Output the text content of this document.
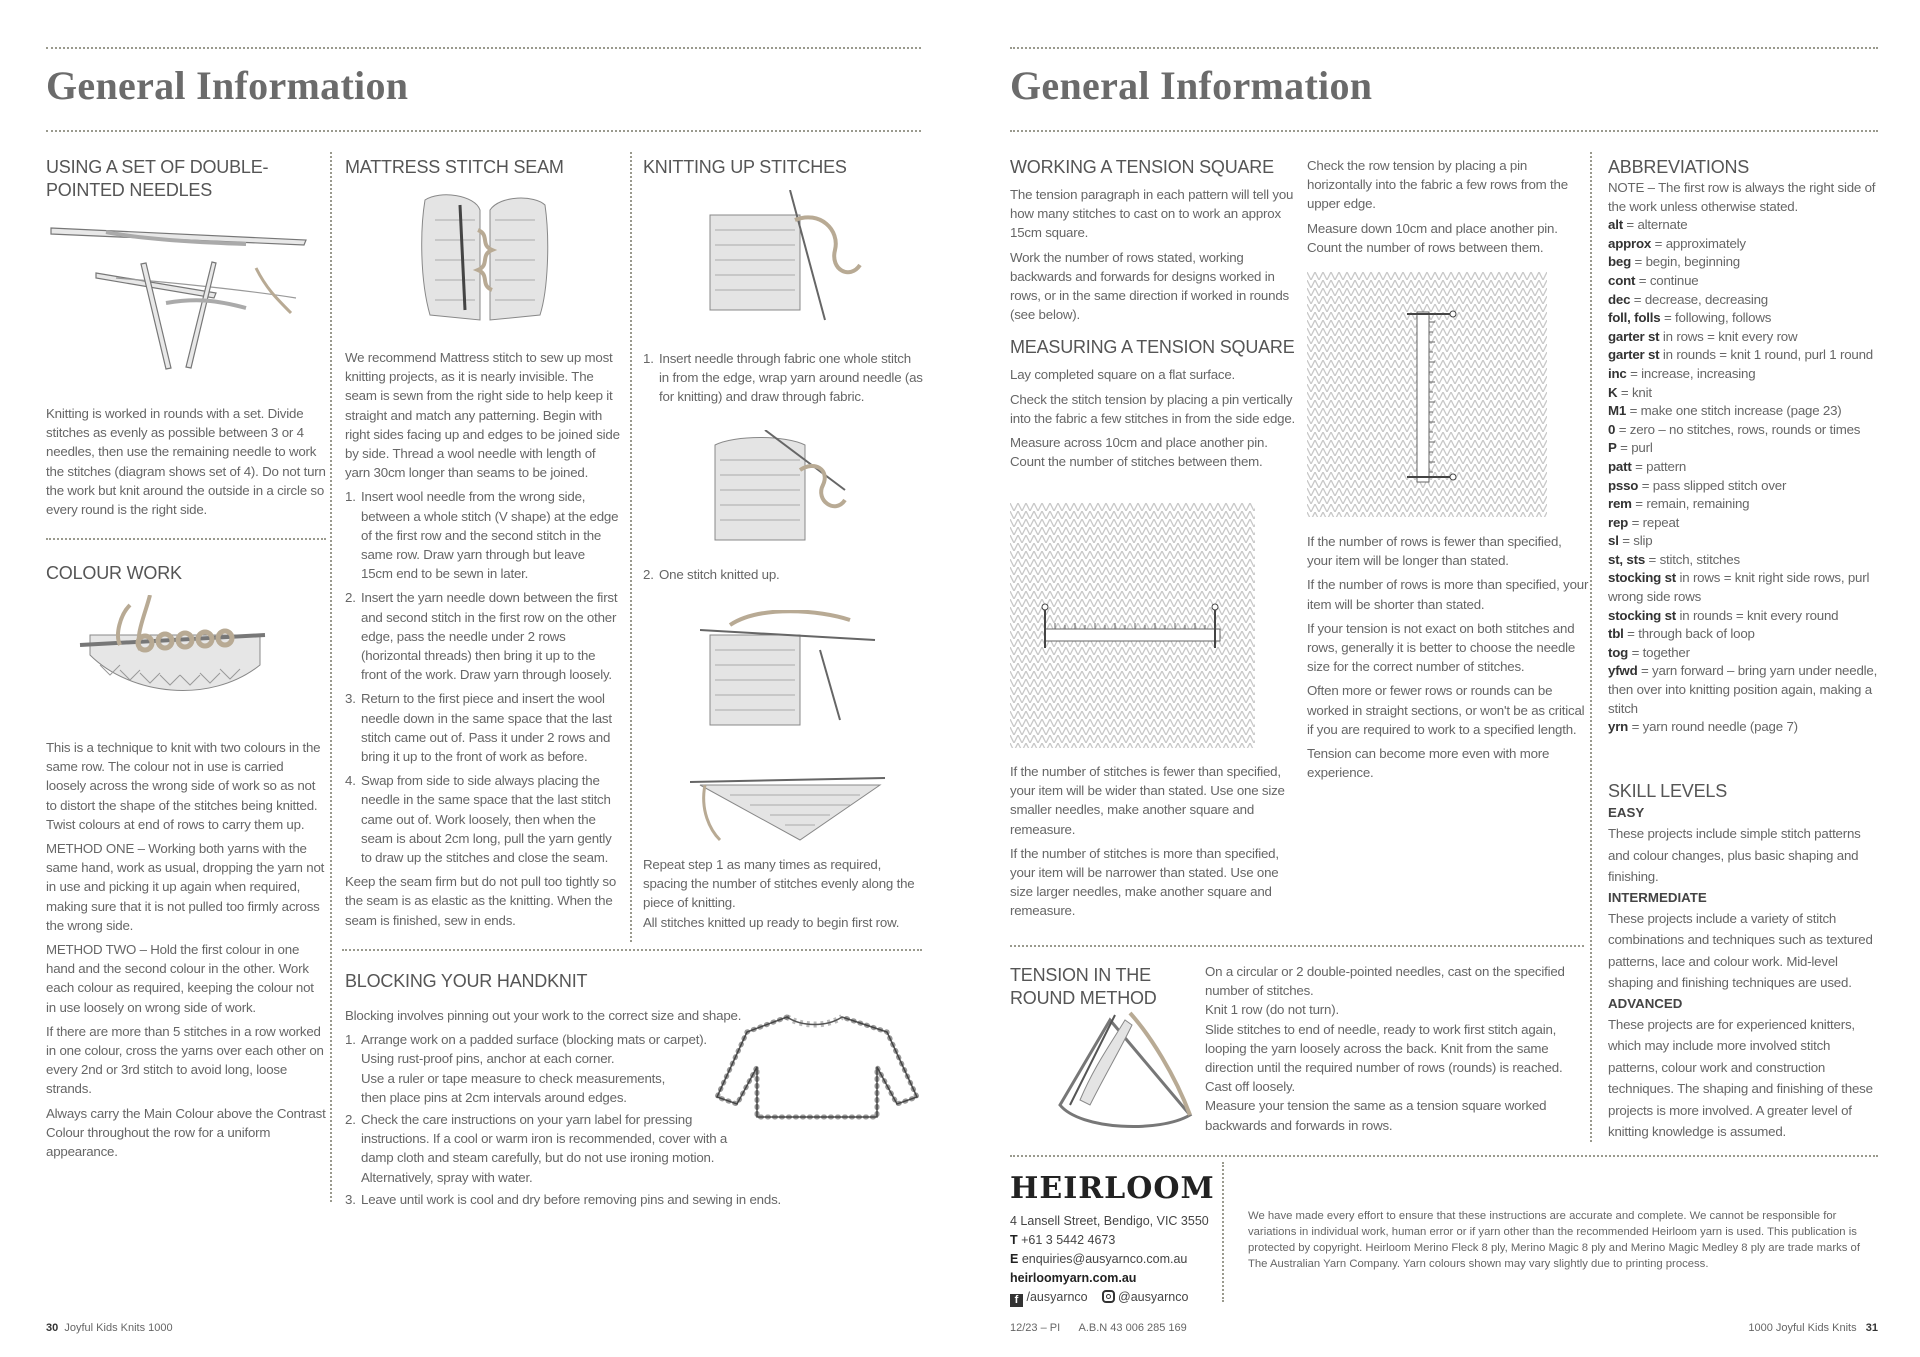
General Information
USING A SET OF DOUBLE-POINTED NEEDLES
Knitting is worked in rounds with a set. Divide stitches as evenly as possible between 3 or 4 needles, then use the remaining needle to work the stitches (diagram shows set of 4). Do not turn the work but knit around the outside in a circle so every round is the right side.
COLOUR WORK
This is a technique to knit with two colours in the same row. The colour not in use is carried loosely across the wrong side of work so as not to distort the shape of the stitches being knitted. Twist colours at end of rows to carry them up.
METHOD ONE – Working both yarns with the same hand, work as usual, dropping the yarn not in use and picking it up again when required, making sure that it is not pulled too firmly across the wrong side.
METHOD TWO – Hold the first colour in one hand and the second colour in the other. Work each colour as required, keeping the colour not in use loosely on wrong side of work.
If there are more than 5 stitches in a row worked in one colour, cross the yarns over each other on every 2nd or 3rd stitch to avoid long, loose strands.
Always carry the Main Colour above the Contrast Colour throughout the row for a uniform appearance.
MATTRESS STITCH SEAM
We recommend Mattress stitch to sew up most knitting projects, as it is nearly invisible. The seam is sewn from the right side to help keep it straight and match any patterning. Begin with right sides facing up and edges to be joined side by side. Thread a wool needle with length of yarn 30cm longer than seams to be joined.
1. Insert wool needle from the wrong side, between a whole stitch (V shape) at the edge of the first row and the second stitch in the same row. Draw yarn through but leave 15cm end to be sewn in later.
2. Insert the yarn needle down between the first and second stitch in the first row on the other edge, pass the needle under 2 rows (horizontal threads) then bring it up to the front of the work. Draw yarn through loosely.
3. Return to the first piece and insert the wool needle down in the same space that the last stitch came out of. Pass it under 2 rows and bring it up to the front of work as before.
4. Swap from side to side always placing the needle in the same space that the last stitch came out of. Work loosely, then when the seam is about 2cm long, pull the yarn gently to draw up the stitches and close the seam.
Keep the seam firm but do not pull too tightly so the seam is as elastic as the knitting. When the seam is finished, sew in ends.
KNITTING UP STITCHES
1. Insert needle through fabric one whole stitch in from the edge, wrap yarn around needle (as for knitting) and draw through fabric.
2. One stitch knitted up.
Repeat step 1 as many times as required, spacing the number of stitches evenly along the piece of knitting.
All stitches knitted up ready to begin first row.
BLOCKING YOUR HANDKNIT
Blocking involves pinning out your work to the correct size and shape.
1. Arrange work on a padded surface (blocking mats or carpet).
Using rust-proof pins, anchor at each corner.
Use a ruler or tape measure to check measurements,
then place pins at 2cm intervals around edges.
2. Check the care instructions on your yarn label for pressing instructions. If a cool or warm iron is recommended, cover with a damp cloth and steam carefully, but do not use ironing motion. Alternatively, spray with water.
3. Leave until work is cool and dry before removing pins and sewing in ends.
30 Joyful Kids Knits 1000
General Information
WORKING A TENSION SQUARE
The tension paragraph in each pattern will tell you how many stitches to cast on to work an approx 15cm square.
Work the number of rows stated, working backwards and forwards for designs worked in rows, or in the same direction if worked in rounds (see below).
MEASURING A TENSION SQUARE
Lay completed square on a flat surface.
Check the stitch tension by placing a pin vertically into the fabric a few stitches in from the side edge.
Measure across 10cm and place another pin. Count the number of stitches between them.
If the number of stitches is fewer than specified, your item will be wider than stated. Use one size smaller needles, make another square and remeasure.
If the number of stitches is more than specified, your item will be narrower than stated. Use one size larger needles, make another square and remeasure.
Check the row tension by placing a pin horizontally into the fabric a few rows from the upper edge.
Measure down 10cm and place another pin. Count the number of rows between them.
If the number of rows is fewer than specified, your item will be longer than stated.
If the number of rows is more than specified, your item will be shorter than stated.
If your tension is not exact on both stitches and rows, generally it is better to choose the needle size for the correct number of stitches.
Often more or fewer rows or rounds can be worked in straight sections, or won't be as critical if you are required to work to a specified length.
Tension can become more even with more experience.
TENSION IN THE ROUND METHOD
On a circular or 2 double-pointed needles, cast on the specified number of stitches.
Knit 1 row (do not turn).
Slide stitches to end of needle, ready to work first stitch again, looping the yarn loosely across the back. Knit from the same direction until the required number of rows (rounds) is reached.
Cast off loosely.
Measure your tension the same as a tension square worked backwards and forwards in rows.
ABBREVIATIONS
NOTE – The first row is always the right side of the work unless otherwise stated.
alt = alternate
approx = approximately
beg = begin, beginning
cont = continue
dec = decrease, decreasing
foll, folls = following, follows
garter st in rows = knit every row
garter st in rounds = knit 1 round, purl 1 round
inc = increase, increasing
K = knit
M1 = make one stitch increase (page 23)
0 = zero – no stitches, rows, rounds or times
P = purl
patt = pattern
psso = pass slipped stitch over
rem = remain, remaining
rep = repeat
sl = slip
st, sts = stitch, stitches
stocking st in rows = knit right side rows, purl wrong side rows
stocking st in rounds = knit every round
tbl = through back of loop
tog = together
yfwd = yarn forward – bring yarn under needle, then over into knitting position again, making a stitch
yrn = yarn round needle (page 7)
SKILL LEVELS
EASY
These projects include simple stitch patterns and colour changes, plus basic shaping and finishing.
INTERMEDIATE
These projects include a variety of stitch combinations and techniques such as textured patterns, lace and colour work. Mid-level shaping and finishing techniques are used.
ADVANCED
These projects are for experienced knitters, which may include more involved stitch patterns, colour work and construction techniques. The shaping and finishing of these projects is more involved. A greater level of knitting knowledge is assumed.
HEIRLOOM
4 Lansell Street, Bendigo, VIC 3550
T +61 3 5442 4673
E enquiries@ausyarnco.com.au
heirloomyarn.com.au
f /ausyarnco @ausyarnco
We have made every effort to ensure that these instructions are accurate and complete. We cannot be responsible for variations in individual work, human error or if yarn other than the recommended Heirloom yarn is used. This publication is protected by copyright. Heirloom Merino Fleck 8 ply, Merino Magic 8 ply and Merino Magic Medley 8 ply are trade marks of The Australian Yarn Company. Yarn colours shown may vary slightly due to printing process.
12/23 – PI A.B.N 43 006 285 169	1000 Joyful Kids Knits 31
